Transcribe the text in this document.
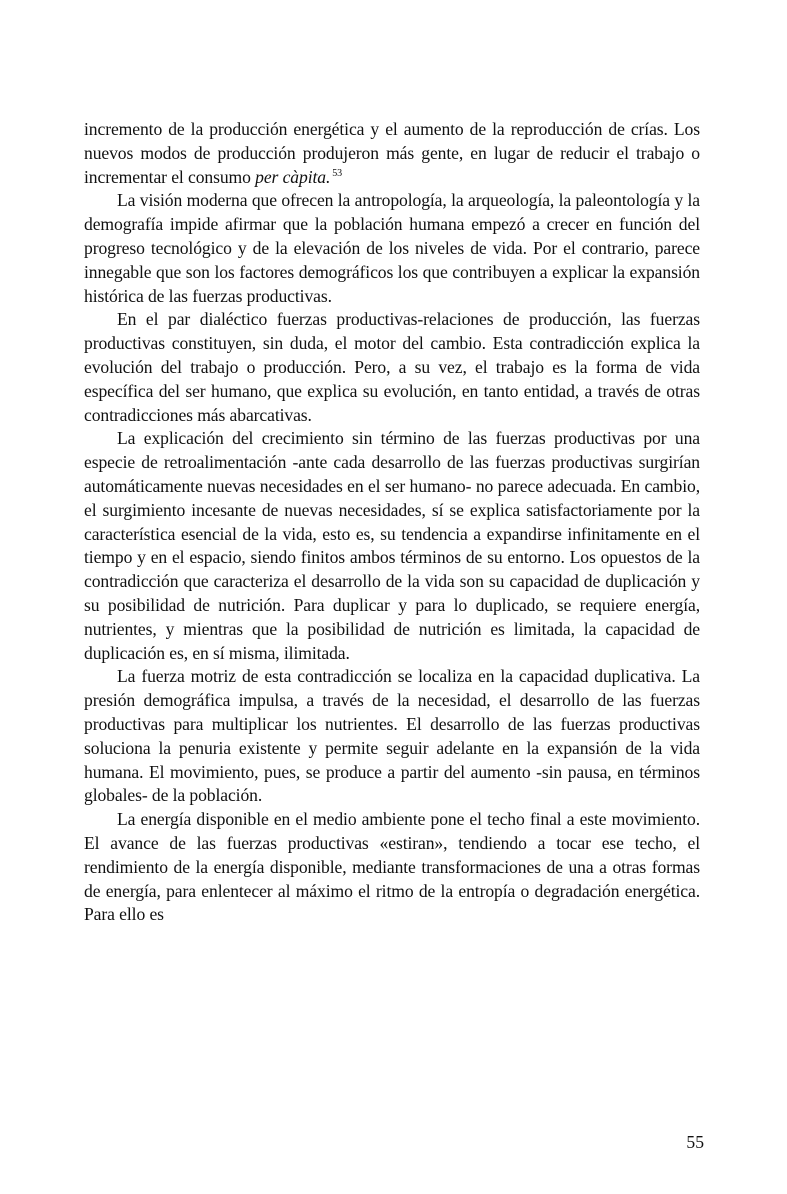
incremento de la producción energética y el aumento de la reproducción de crías. Los nuevos modos de producción produjeron más gente, en lugar de reducir el trabajo o incrementar el consumo per càpita. $^{53}$

La visión moderna que ofrecen la antropología, la arqueología, la paleontología y la demografía impide afirmar que la población humana empezó a crecer en función del progreso tecnológico y de la elevación de los niveles de vida. Por el contrario, parece innegable que son los factores demográficos los que contribuyen a explicar la expansión histórica de las fuerzas productivas.

En el par dialéctico fuerzas productivas-relaciones de producción, las fuerzas productivas constituyen, sin duda, el motor del cambio. Esta contradicción explica la evolución del trabajo o producción. Pero, a su vez, el trabajo es la forma de vida específica del ser humano, que explica su evolución, en tanto entidad, a través de otras contradicciones más abarcativas.

La explicación del crecimiento sin término de las fuerzas productivas por una especie de retroalimentación -ante cada desarrollo de las fuerzas productivas surgirían automáticamente nuevas necesidades en el ser humano- no parece adecuada. En cambio, el surgimiento incesante de nuevas necesidades, sí se explica satisfactoriamente por la característica esencial de la vida, esto es, su tendencia a expandirse infinitamente en el tiempo y en el espacio, siendo finitos ambos términos de su entorno. Los opuestos de la contradicción que caracteriza el desarrollo de la vida son su capacidad de duplicación y su posibilidad de nutrición. Para duplicar y para lo duplicado, se requiere energía, nutrientes, y mientras que la posibilidad de nutrición es limitada, la capacidad de duplicación es, en sí misma, ilimitada.

La fuerza motriz de esta contradicción se localiza en la capacidad duplicativa. La presión demográfica impulsa, a través de la necesidad, el desarrollo de las fuerzas productivas para multiplicar los nutrientes. El desarrollo de las fuerzas productivas soluciona la penuria existente y permite seguir adelante en la expansión de la vida humana. El movimiento, pues, se produce a partir del aumento -sin pausa, en términos globales- de la población.

La energía disponible en el medio ambiente pone el techo final a este movimiento. El avance de las fuerzas productivas «estiran», tendiendo a tocar ese techo, el rendimiento de la energía disponible, mediante transformaciones de una a otras formas de energía, para enlentecer al máximo el ritmo de la entropía o degradación energética. Para ello es

55
